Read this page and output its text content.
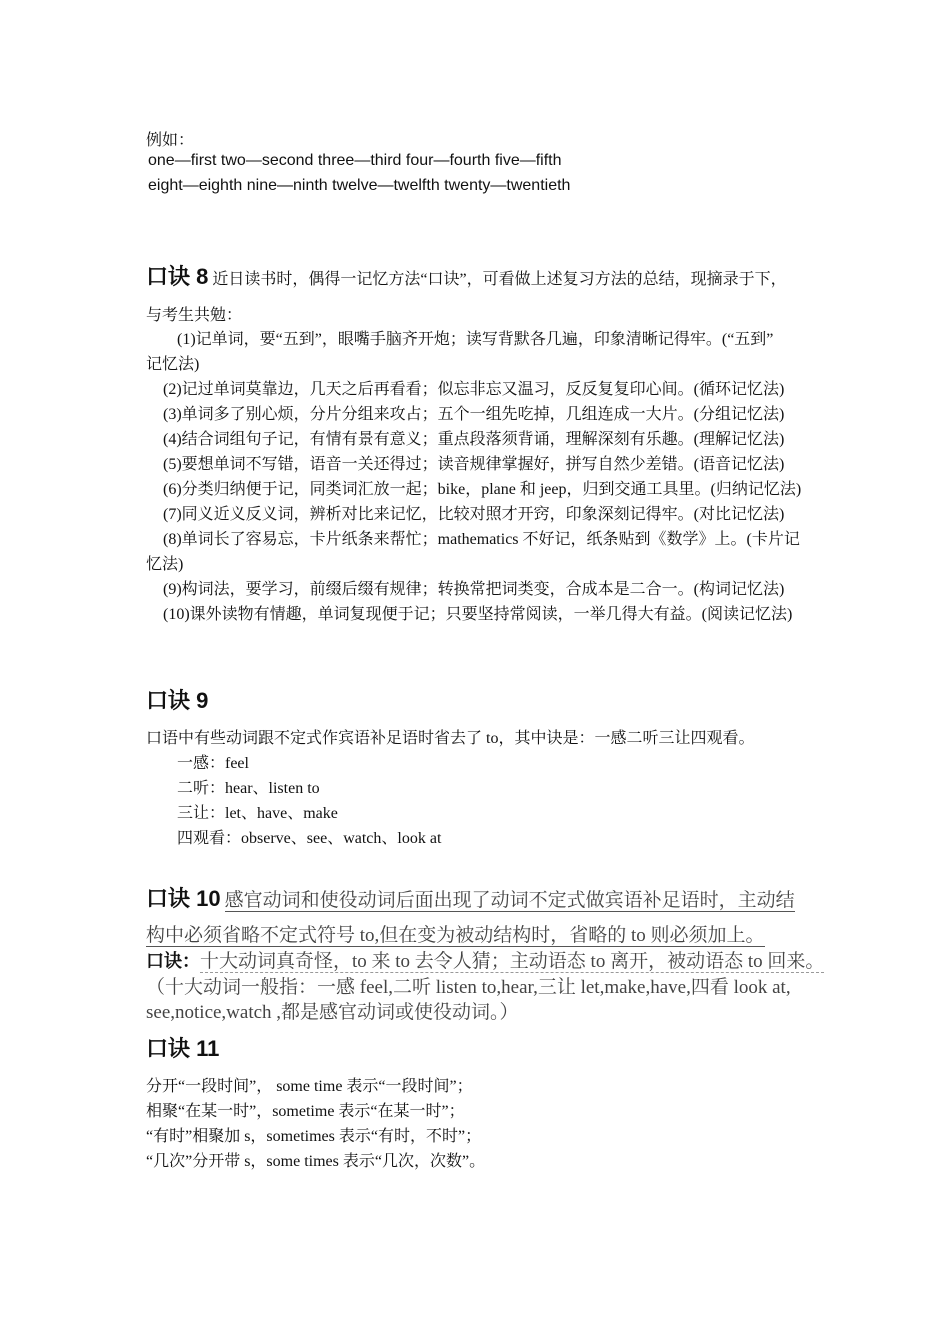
例如：
one—first two—second three—third four—fourth five—fifth
eight—eighth nine—ninth twelve—twelfth twenty—twentieth
口诀 8 近日读书时，偶得一记忆方法“口诀”，可看做上述复习方法的总结，现摘录于下，
与考生共勉：
(1)记单词，要“五到”，眼嘴手脑齐开炮；读写背默各几遍，印象清晰记得牢。(“五到”
记忆法)
(2)记过单词莫靠边，几天之后再看看；似忘非忘又温习，反反复复印心间。(循环记忆法)
(3)单词多了别心烦，分片分组来攻占；五个一组先吃掉，几组连成一大片。(分组记忆法)
(4)结合词组句子记，有情有景有意义；重点段落须背诵，理解深刻有乐趣。(理解记忆法)
(5)要想单词不写错，语音一关还得过；读音规律掌握好，拼写自然少差错。(语音记忆法)
(6)分类归纳便于记，同类词汇放一起；bike，plane 和 jeep，归到交通工具里。(归纳记忆法)
(7)同义近义反义词，辨析对比来记忆，比较对照才开窍，印象深刻记得牢。(对比记忆法)
(8)单词长了容易忘，卡片纸条来帮忙；mathematics 不好记，纸条贴到《数学》上。(卡片记
忆法)
(9)构词法，要学习，前缀后缀有规律；转换常把词类变，合成本是二合一。(构词记忆法)
(10)课外读物有情趣，单词复现便于记；只要坚持常阅读，一举几得大有益。(阅读记忆法)
口诀 9
口语中有些动词跟不定式作宾语补足语时省去了 to，其中诀是：一感二听三让四观看。
一感：feel
二听：hear、listen to
三让：let、have、make
四观看：observe、see、watch、look at
口诀 10 感官动词和使役动词后面出现了动词不定式做宾语补足语时，主动结
构中必须省略不定式符号 to,但在变为被动结构时，省略的 to 则必须加上。
口诀：十大动词真奇怪，to 来 to 去令人猜；主动语态 to 离开，被动语态 to 回来。
（十大动词一般指：一感 feel,二听 listen to,hear,三让 let,make,have,四看 look at,
see,notice,watch ,都是感官动词或使役动词。）
口诀 11
分开“一段时间”， some time 表示“一段时间”；
相聚“在某一时”，sometime 表示“在某一时”；
“有时”相聚加 s，sometimes 表示“有时，不时”；
“几次”分开带 s，some times 表示“几次，次数”。
